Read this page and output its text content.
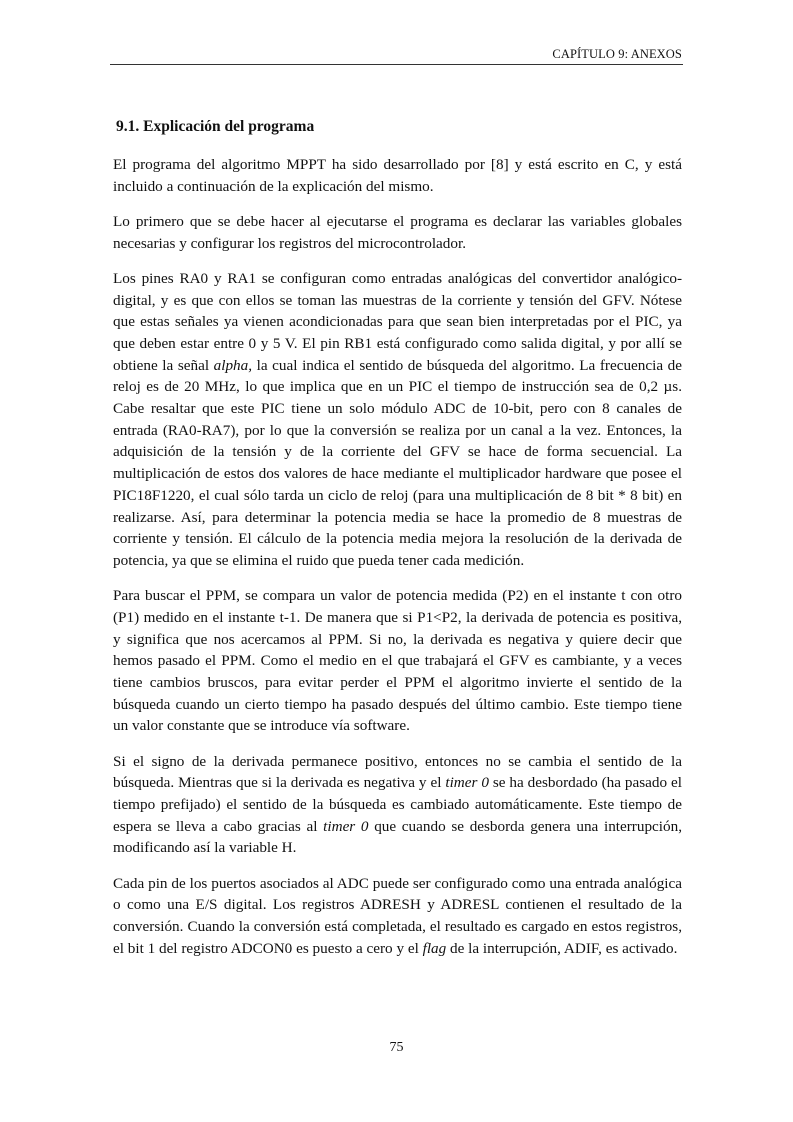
CAPÍTULO 9: ANEXOS
9.1. Explicación del programa

El programa del algoritmo MPPT ha sido desarrollado por [8] y está escrito en C, y está incluido a continuación de la explicación del mismo.

Lo primero que se debe hacer al ejecutarse el programa es declarar las variables globales necesarias y configurar los registros del microcontrolador.

Los pines RA0 y RA1 se configuran como entradas analógicas del convertidor analógico-digital, y es que con ellos se toman las muestras de la corriente y tensión del GFV. Nótese que estas señales ya vienen acondicionadas para que sean bien interpretadas por el PIC, ya que deben estar entre 0 y 5 V. El pin RB1 está configurado como salida digital, y por allí se obtiene la señal alpha, la cual indica el sentido de búsqueda del algoritmo. La frecuencia de reloj es de 20 MHz, lo que implica que en un PIC el tiempo de instrucción sea de 0,2 µs. Cabe resaltar que este PIC tiene un solo módulo ADC de 10-bit, pero con 8 canales de entrada (RA0-RA7), por lo que la conversión se realiza por un canal a la vez. Entonces, la adquisición de la tensión y de la corriente del GFV se hace de forma secuencial. La multiplicación de estos dos valores de hace mediante el multiplicador hardware que posee el PIC18F1220, el cual sólo tarda un ciclo de reloj (para una multiplicación de 8 bit * 8 bit) en realizarse. Así, para determinar la potencia media se hace la promedio de 8 muestras de corriente y tensión. El cálculo de la potencia media mejora la resolución de la derivada de potencia, ya que se elimina el ruido que pueda tener cada medición.

Para buscar el PPM, se compara un valor de potencia medida (P2) en el instante t con otro (P1) medido en el instante t-1. De manera que si P1<P2, la derivada de potencia es positiva, y significa que nos acercamos al PPM. Si no, la derivada es negativa y quiere decir que hemos pasado el PPM. Como el medio en el que trabajará el GFV es cambiante, y a veces tiene cambios bruscos, para evitar perder el PPM el algoritmo invierte el sentido de la búsqueda cuando un cierto tiempo ha pasado después del último cambio. Este tiempo tiene un valor constante que se introduce vía software.

Si el signo de la derivada permanece positivo, entonces no se cambia el sentido de la búsqueda. Mientras que si la derivada es negativa y el timer 0 se ha desbordado (ha pasado el tiempo prefijado) el sentido de la búsqueda es cambiado automáticamente. Este tiempo de espera se lleva a cabo gracias al timer 0 que cuando se desborda genera una interrupción, modificando así la variable H.

Cada pin de los puertos asociados al ADC puede ser configurado como una entrada analógica o como una E/S digital. Los registros ADRESH y ADRESL contienen el resultado de la conversión. Cuando la conversión está completada, el resultado es cargado en estos registros, el bit 1 del registro ADCON0 es puesto a cero y el flag de la interrupción, ADIF, es activado.

75
